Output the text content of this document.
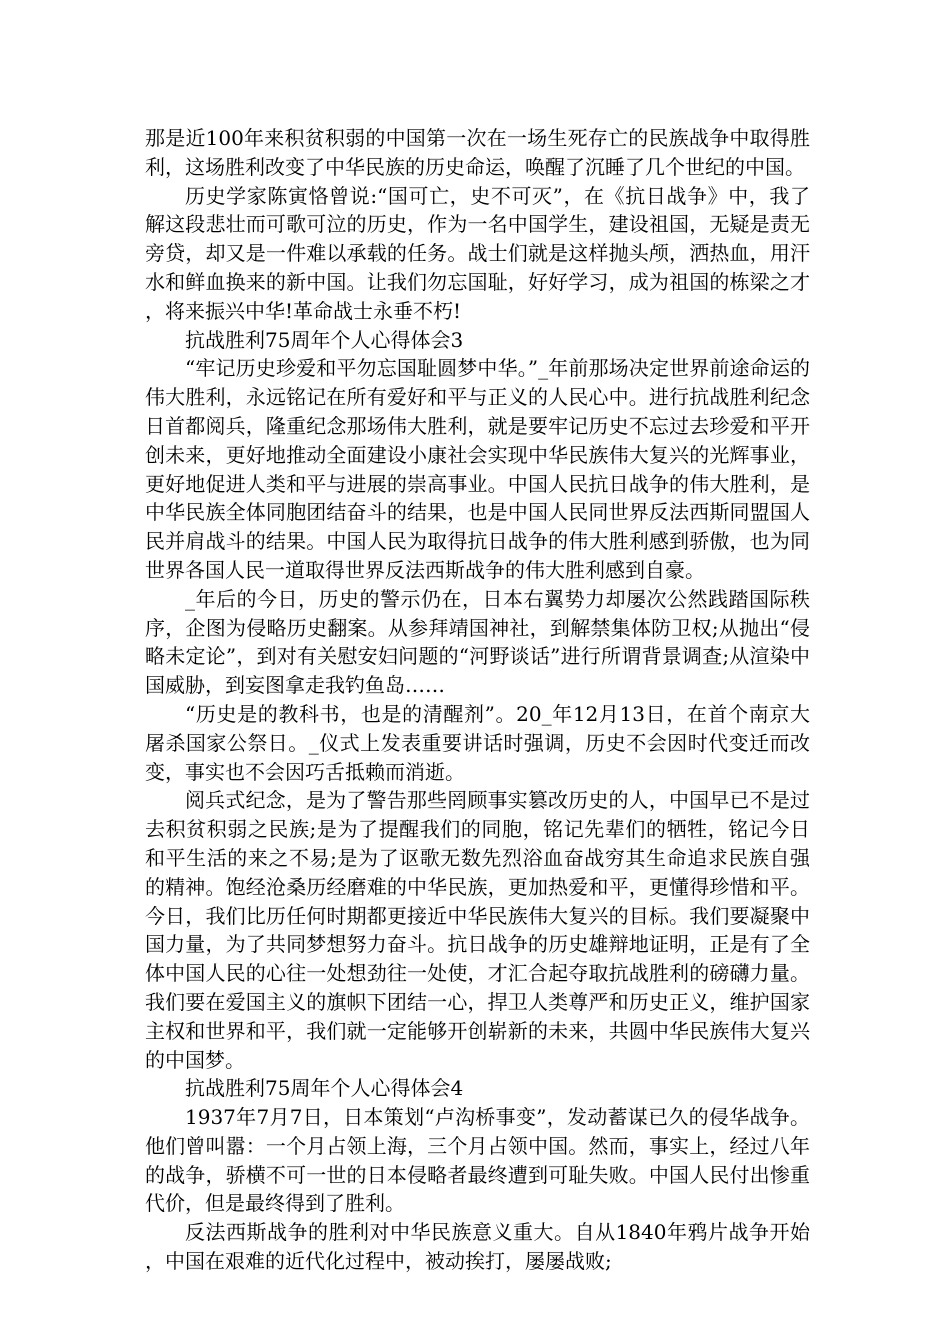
那是近100年来积贫积弱的中国第一次在一场生死存亡的民族战争中取得胜利，这场胜利改变了中华民族的历史命运，唤醒了沉睡了几个世纪的中国。

历史学家陈寅恪曾说:“国可亡，史不可灭”，在《抗日战争》中，我了解这段悲壮而可歌可泣的历史，作为一名中国学生，建设祖国，无疑是责无旁贷，却又是一件难以承载的任务。战士们就是这样抛头颅，洒热血，用汗水和鲜血换来的新中国。让我们勿忘国耻，好好学习，成为祖国的栋梁之才，将来振兴中华!革命战士永垂不朽!

抗战胜利75周年个人心得体会3

“牢记历史珍爱和平勿忘国耻圆梦中华。”_年前那场决定世界前途命运的伟大胜利，永远铭记在所有爱好和平与正义的人民心中。进行抗战胜利纪念日首都阅兵，隆重纪念那场伟大胜利，就是要牢记历史不忘过去珍爱和平开创未来，更好地推动全面建设小康社会实现中华民族伟大复兴的光辉事业，更好地促进人类和平与进展的崇高事业。中国人民抗日战争的伟大胜利，是中华民族全体同胞团结奋斗的结果，也是中国人民同世界反法西斯同盟国人民并肩战斗的结果。中国人民为取得抗日战争的伟大胜利感到骄傲，也为同世界各国人民一道取得世界反法西斯战争的伟大胜利感到自豪。

_年后的今日，历史的警示仍在，日本右翼势力却屡次公然践踏国际秩序，企图为侵略历史翻案。从参拜靖国神社，到解禁集体防卫权;从抛出“侵略未定论”，到对有关慰安妇问题的“河野谈话”进行所谓背景调查;从渲染中国威胁，到妄图拿走我钓鱼岛……

“历史是的教科书，也是的清醒剂”。20_年12月13日，在首个南京大屠杀国家公祭日。_仪式上发表重要讲话时强调，历史不会因时代变迁而改变，事实也不会因巧舌抵赖而消逝。

阅兵式纪念，是为了警告那些罔顾事实篡改历史的人，中国早已不是过去积贫积弱之民族;是为了提醒我们的同胞，铭记先辈们的牺牲，铭记今日和平生活的来之不易;是为了讴歌无数先烈浴血奋战穷其生命追求民族自强的精神。饱经沧桑历经磨难的中华民族，更加热爱和平，更懂得珍惜和平。今日，我们比历任何时期都更接近中华民族伟大复兴的目标。我们要凝聚中国力量，为了共同梦想努力奋斗。抗日战争的历史雄辩地证明，正是有了全体中国人民的心往一处想劲往一处使，才汇合起夺取抗战胜利的磅礴力量。我们要在爱国主义的旗帜下团结一心，捍卫人类尊严和历史正义，维护国家主权和世界和平，我们就一定能够开创崭新的未来，共圆中华民族伟大复兴的中国梦。

抗战胜利75周年个人心得体会4

1937年7月7日，日本策划“卢沟桥事变”，发动蓄谋已久的侵华战争。他们曾叫嚣：一个月占领上海，三个月占领中国。然而，事实上，经过八年的战争，骄横不可一世的日本侵略者最终遭到可耻失败。中国人民付出惨重代价，但是最终得到了胜利。

反法西斯战争的胜利对中华民族意义重大。自从1840年鸦片战争开始，中国在艰难的近代化过程中，被动挨打，屡屡战败;
